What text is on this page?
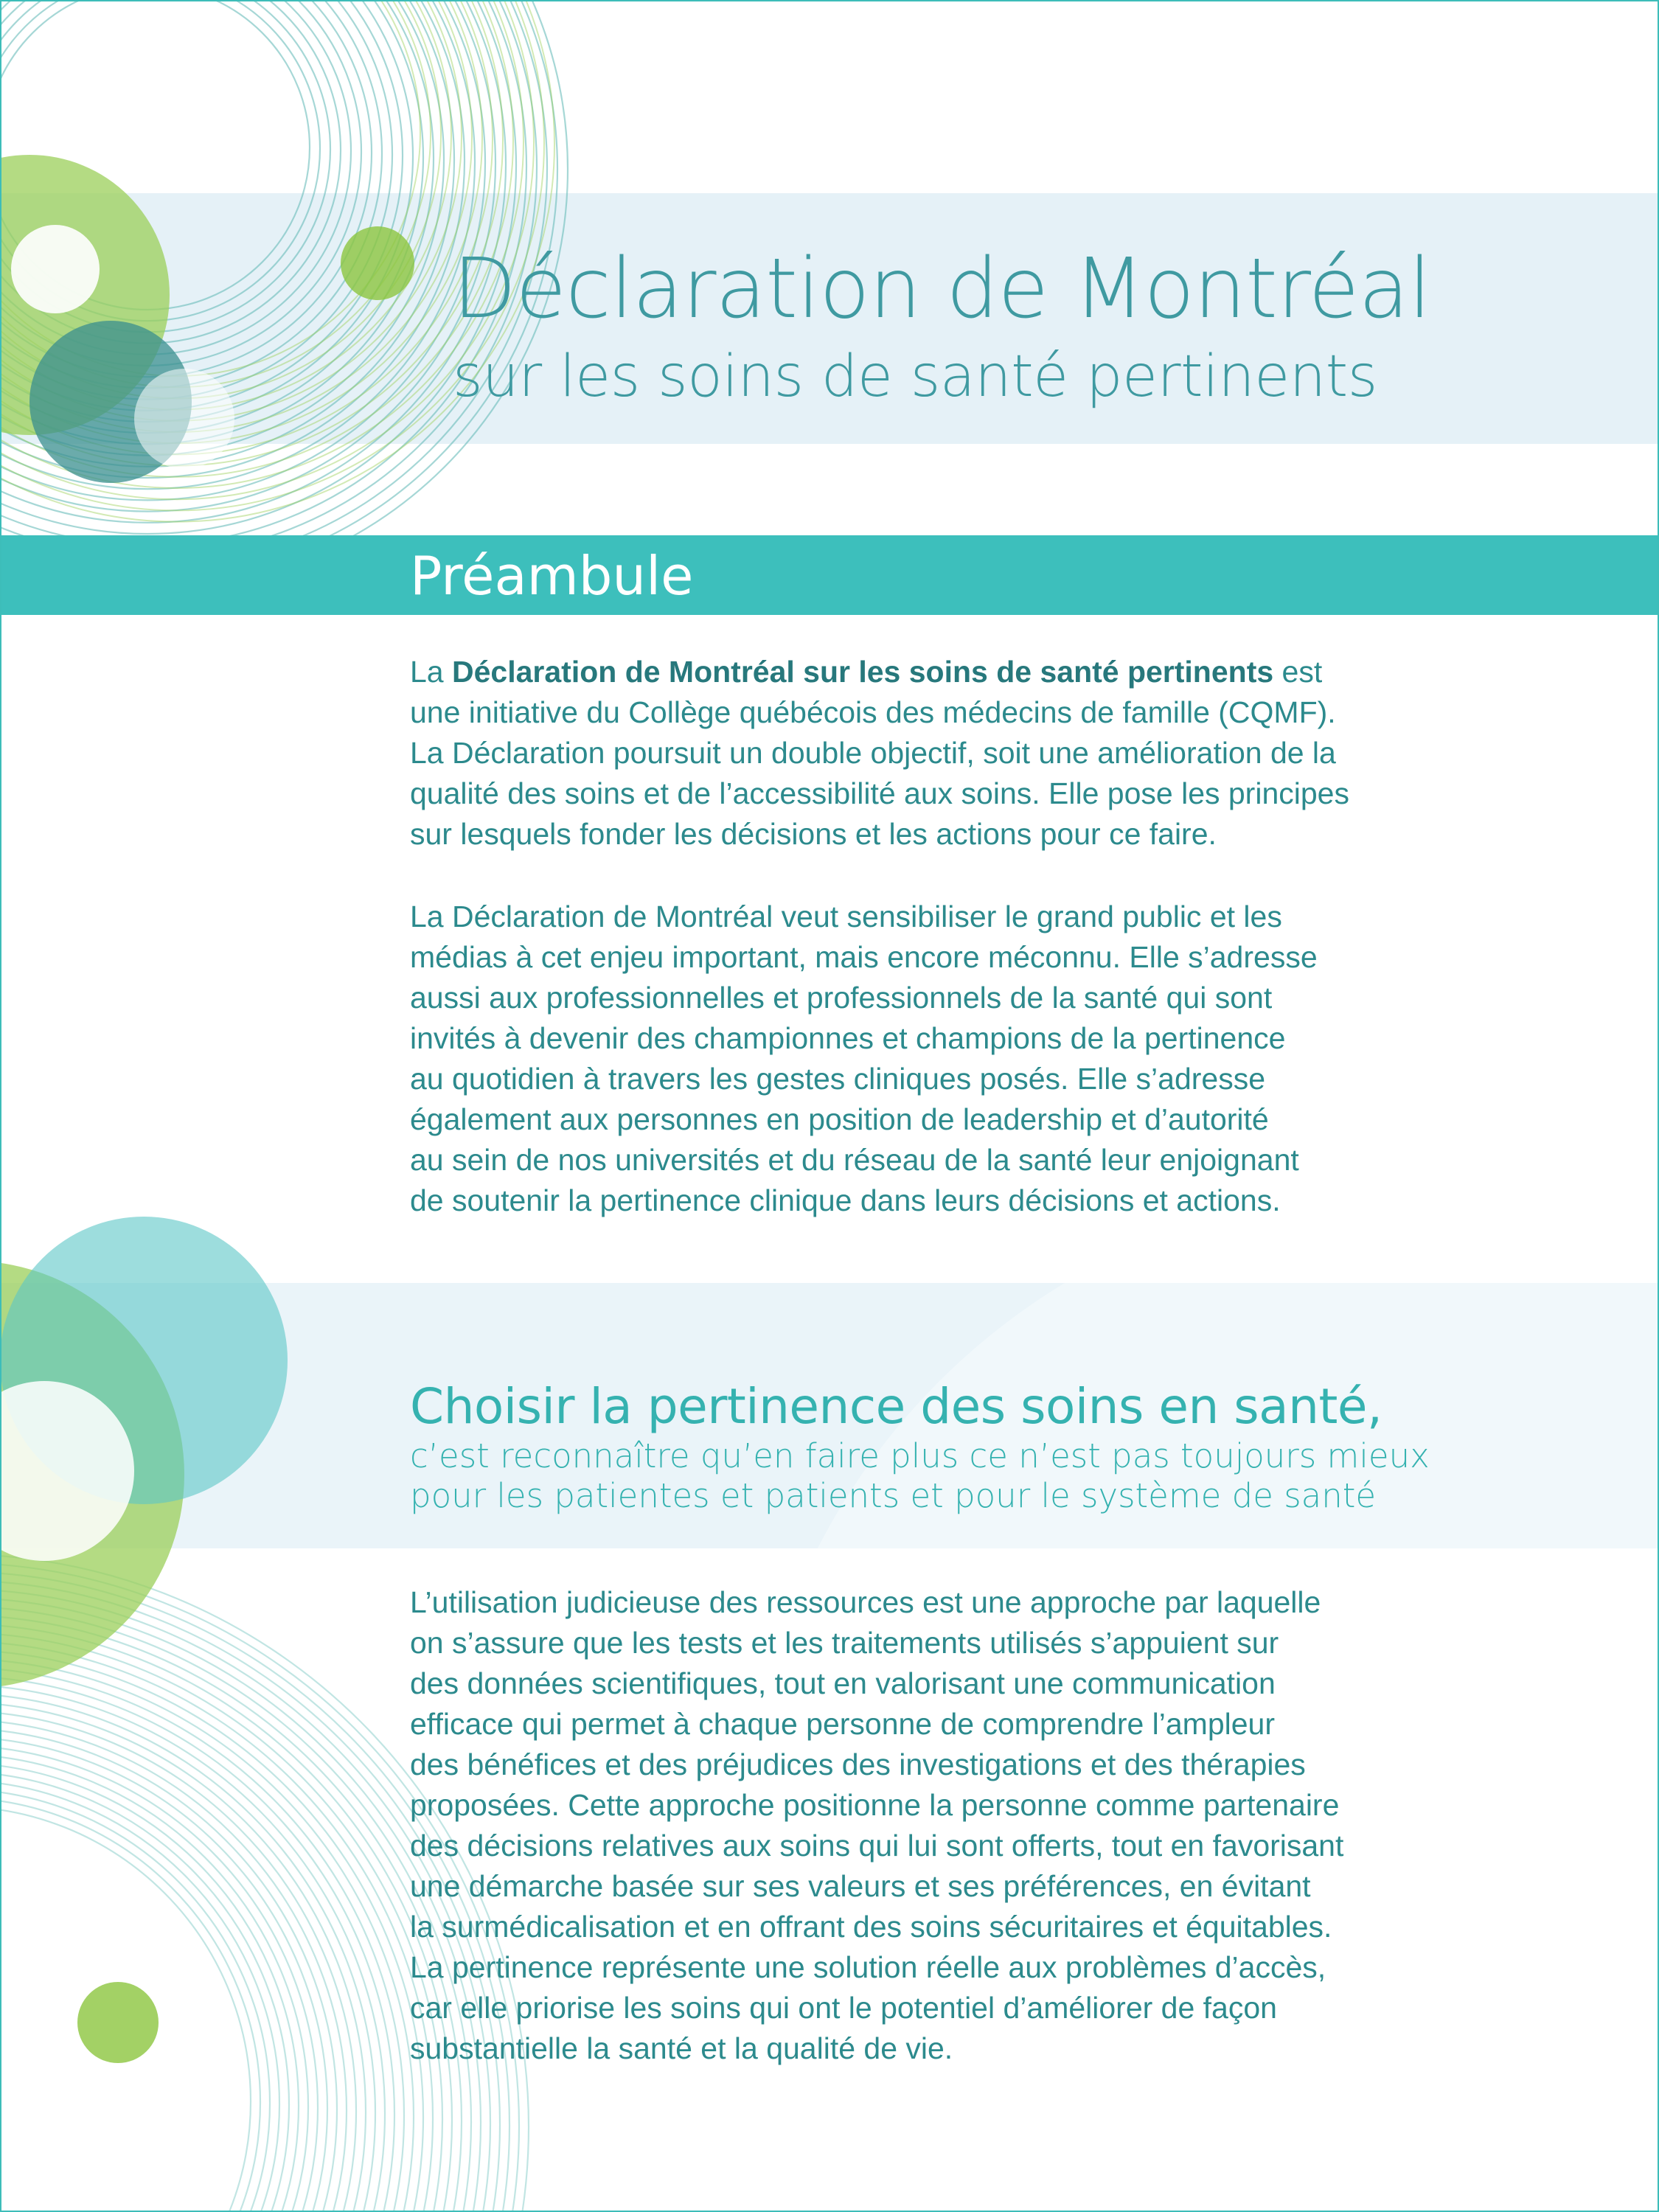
Déclaration de Montréal
sur les soins de santé pertinents
Préambule

La Déclaration de Montréal sur les soins de santé pertinents est

une initiative du Collège québécois des médecins de famille (CQMF).

La Déclaration poursuit un double objectif, soit une amélioration de la

qualité des soins et de l’accessibilité aux soins. Elle pose les principes

sur lesquels fonder les décisions et les actions pour ce faire.

La Déclaration de Montréal veut sensibiliser le grand public et les

médias à cet enjeu important, mais encore méconnu. Elle s’adresse

aussi aux professionnelles et professionnels de la santé qui sont

invités à devenir des championnes et champions de la pertinence

au quotidien à travers les gestes cliniques posés. Elle s’adresse

également aux personnes en position de leadership et d’autorité

au sein de nos universités et du réseau de la santé leur enjoignant

de soutenir la pertinence clinique dans leurs décisions et actions.

Choisir la pertinence des soins en santé,
c’est reconnaître qu’en faire plus ce n’est pas toujours mieux
pour les patientes et patients et pour le système de santé

L’utilisation judicieuse des ressources est une approche par laquelle

on s’assure que les tests et les traitements utilisés s’appuient sur

des données scientifiques, tout en valorisant une communication

efficace qui permet à chaque personne de comprendre l’ampleur

des bénéfices et des préjudices des investigations et des thérapies

proposées. Cette approche positionne la personne comme partenaire

des décisions relatives aux soins qui lui sont offerts, tout en favorisant

une démarche basée sur ses valeurs et ses préférences, en évitant

la surmédicalisation et en offrant des soins sécuritaires et équitables.

La pertinence représente une solution réelle aux problèmes d’accès,

car elle priorise les soins qui ont le potentiel d’améliorer de façon

substantielle la santé et la qualité de vie.
